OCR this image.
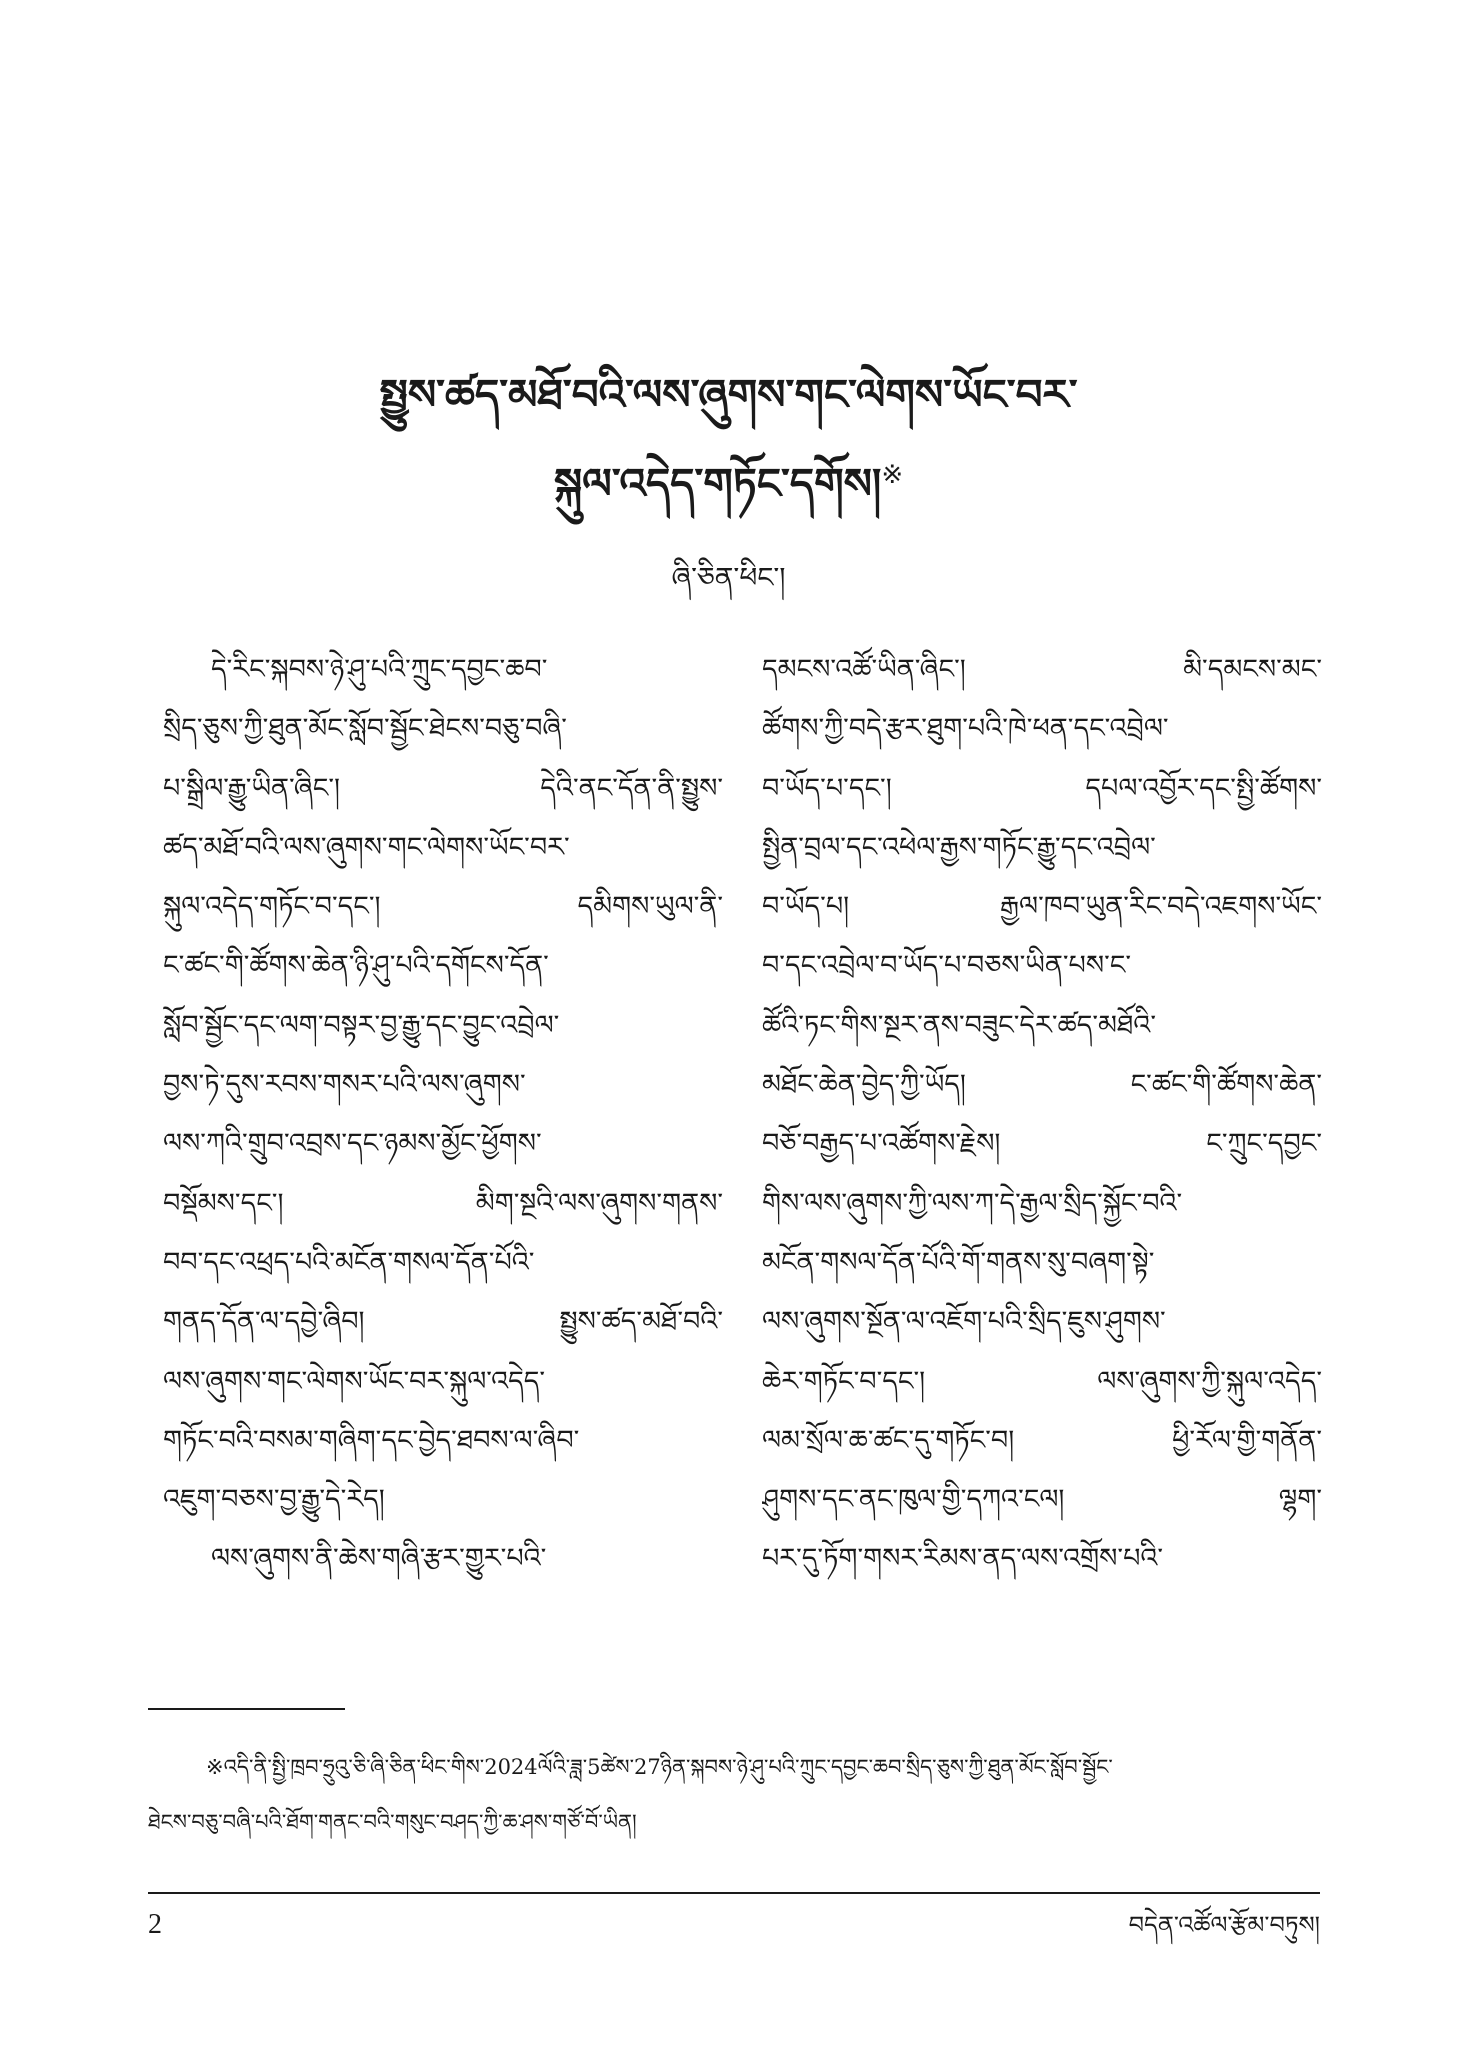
སྤྱུས་ཚད་མཐོ་བའི་ལས་ཞུགས་གང་ལེགས་ཡོང་བར་
སྐུལ་འདེད་གཏོང་དགོས།※
ཞི་ཅིན་ཕིང་།
དེ་རིང་སྐབས་ཉེ་ཤུ་པའི་ཀྲུང་དབྱང་ཆབ་
སྲིད་ཅུས་ཀྱི་ཐུན་མོང་སློབ་སྦྱོང་ཐེངས་བཅུ་བཞི་
པ་སྒྲིལ་རྒྱུ་ཡིན་ཞིང་། དེའི་ནང་དོན་ནི་སྤྱུས་
ཚད་མཐོ་བའི་ལས་ཞུགས་གང་ལེགས་ཡོང་བར་
སྐུལ་འདེད་གཏོང་བ་དང་། དམིགས་ཡུལ་ནི་
ང་ཚང་གི་ཚོགས་ཆེན་ཉི་ཤུ་པའི་དགོངས་དོན་
སློབ་སྦྱོང་དང་ལག་བསྟར་བྱ་རྒྱུ་དང་བྱུང་འབྲེལ་
བྱས་ཏེ་དུས་རབས་གསར་པའི་ལས་ཞུགས་
ལས་ཀའི་གྲུབ་འབྲས་དང་ཉམས་མྱོང་ཕྱོགས་
བསྡོམས་དང་། མིག་སྔའི་ལས་ཞུགས་གནས་
བབ་དང་འཕྲད་པའི་མངོན་གསལ་དོན་པོའི་
གནད་དོན་ལ་དབྱེ་ཞིབ། སྤྱུས་ཚད་མཐོ་བའི་
ལས་ཞུགས་གང་ལེགས་ཡོང་བར་སྐུལ་འདེད་
གཏོང་བའི་བསམ་གཞིག་དང་བྱེད་ཐབས་ལ་ཞིབ་
འཇུག་བཅས་བྱ་རྒྱུ་དེ་རེད།
ལས་ཞུགས་ནི་ཆེས་གཞི་རྩར་གྱུར་པའི་
དམངས་འཚོ་ཡིན་ཞིང་། མི་དམངས་མང་
ཚོགས་ཀྱི་བདེ་རྩར་ཐུག་པའི་ཁེ་ཕན་དང་འབྲེལ་
བ་ཡོད་པ་དང་། དཔལ་འབྱོར་དང་སྤྱི་ཚོགས་
སྤྱིན་བྲལ་དང་འཕེལ་རྒྱས་གཏོང་རྒྱུ་དང་འབྲེལ་
བ་ཡོད་པ། རྒྱལ་ཁབ་ཡུན་རིང་བདེ་འཇགས་ཡོང་
བ་དང་འབྲེལ་བ་ཡོད་པ་བཅས་ཡིན་པས་ང་
ཚོའི་ཏང་གིས་སྔར་ནས་བཟུང་དེར་ཚད་མཐོའི་
མཐོང་ཆེན་བྱེད་ཀྱི་ཡོད། ང་ཚང་གི་ཚོགས་ཆེན་
བཅོ་བརྒྱད་པ་འཚོགས་རྗེས། ང་ཀྲུང་དབྱང་
གིས་ལས་ཞུགས་ཀྱི་ལས་ཀ་དེ་རྒྱལ་སྲིད་སྐྱོང་བའི་
མངོན་གསལ་དོན་པོའི་གོ་གནས་སུ་བཞག་སྟེ་
ལས་ཞུགས་སྔོན་ལ་འཇོག་པའི་སྲིད་ཇུས་ཤུགས་
ཆེར་གཏོང་བ་དང་། ལས་ཞུགས་ཀྱི་སྐུལ་འདེད་
ལམ་སྲོལ་ཆ་ཚང་དུ་གཏོང་བ། ཕྱི་རོལ་གྱི་གནོན་
ཤུགས་དང་ནང་ཁུལ་གྱི་དཀའ་ངལ། ལྷག་
པར་དུ་ཏོག་གསར་རིམས་ནད་ལས་འགྲོས་པའི་
※འདི་ནི་སྤྱི་ཁྲབ་ཧྲུའུ་ཅི་ཞི་ཅིན་ཕིང་གིས་2024ལོའི་ཟླ་5ཚེས་27ཉིན་སྐབས་ཉེ་ཤུ་པའི་ཀྲུང་དབྱང་ཆབ་སྲིད་ཅུས་ཀྱི་ཐུན་མོང་སློབ་སྦྱོང་
ཐེངས་བཅུ་བཞི་པའི་ཐོག་གནང་བའི་གསུང་བཤད་ཀྱི་ཆ་ཤས་གཙོ་བོ་ཡིན།
2	བདེན་འཚོལ་རྩོམ་བཏུས།
